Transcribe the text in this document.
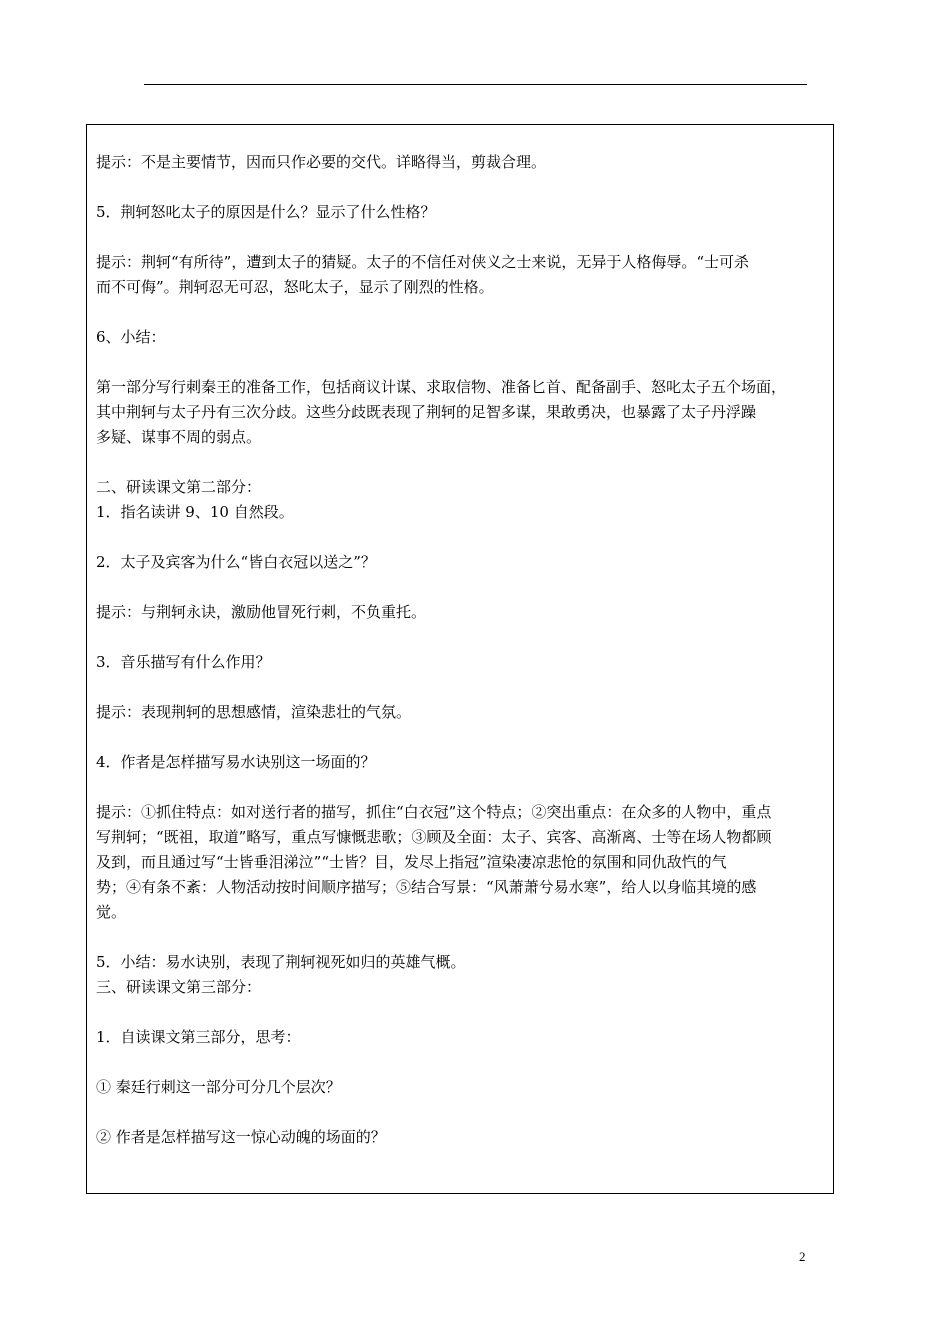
提示：不是主要情节，因而只作必要的交代。详略得当，剪裁合理。
5．荆轲怒叱太子的原因是什么？显示了什么性格？
提示：荆轲“有所待”，遭到太子的猜疑。太子的不信任对侠义之士来说，无异于人格侮辱。“士可杀
而不可侮”。荆轲忍无可忍，怒叱太子，显示了刚烈的性格。
6、小结：
第一部分写行刺秦王的准备工作，包括商议计谋、求取信物、准备匕首、配备副手、怒叱太子五个场面，
其中荆轲与太子丹有三次分歧。这些分歧既表现了荆轲的足智多谋，果敢勇决，也暴露了太子丹浮躁
多疑、谋事不周的弱点。
二、研读课文第二部分：
1．指名读讲 9、10 自然段。
2．太子及宾客为什么“皆白衣冠以送之”？
提示：与荆轲永诀，激励他冒死行刺，不负重托。
3．音乐描写有什么作用？
提示：表现荆轲的思想感情，渲染悲壮的气氛。
4．作者是怎样描写易水诀别这一场面的？
提示：①抓住特点：如对送行者的描写，抓住“白衣冠”这个特点；②突出重点：在众多的人物中，重点
写荆轲；“既祖，取道”略写，重点写慷慨悲歌；③顾及全面：太子、宾客、高渐离、士等在场人物都顾
及到，而且通过写“士皆垂泪涕泣”“士皆？目，发尽上指冠”渲染凄凉悲怆的氛围和同仇敌忾的气
势；④有条不紊：人物活动按时间顺序描写；⑤结合写景：“风萧萧兮易水寒”，给人以身临其境的感
觉。
5．小结：易水诀别，表现了荆轲视死如归的英雄气概。
三、研读课文第三部分：
1．自读课文第三部分，思考：
① 秦廷行刺这一部分可分几个层次？
② 作者是怎样描写这一惊心动魄的场面的？
2
